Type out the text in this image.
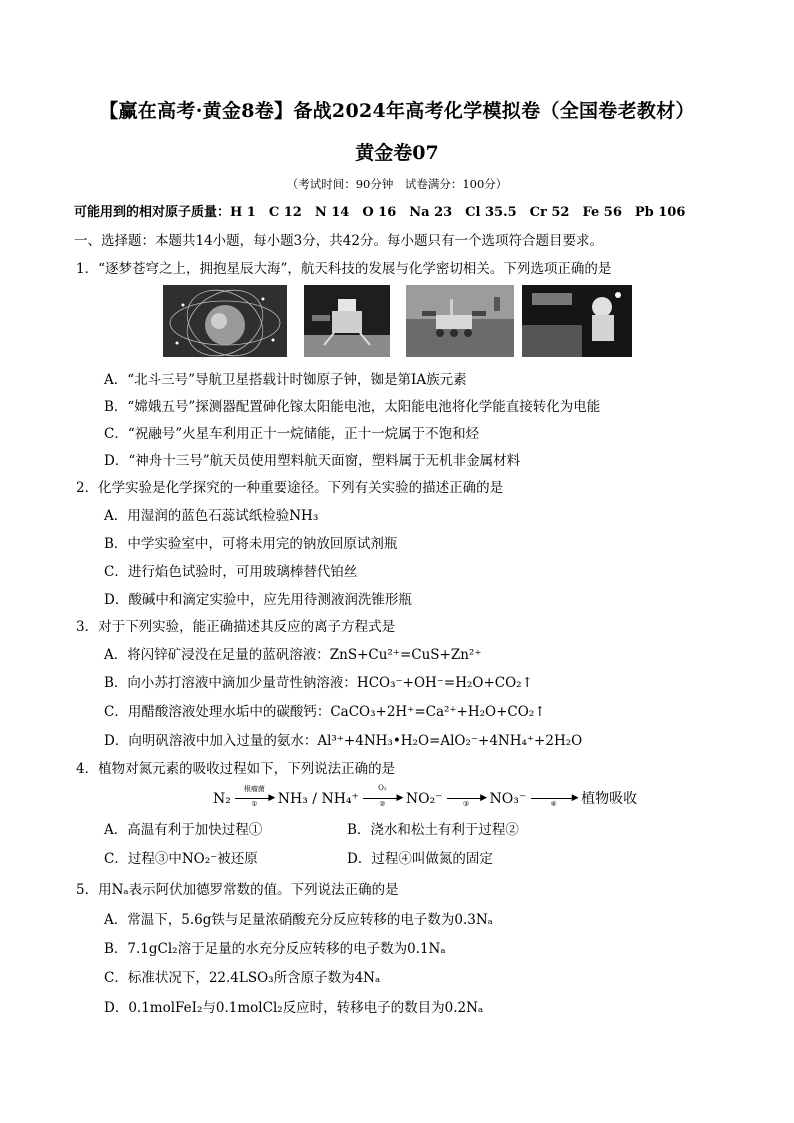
【赢在高考·黄金8卷】备战2024年高考化学模拟卷（全国卷老教材）
黄金卷07
（考试时间：90分钟　试卷满分：100分）
可能用到的相对原子质量：H 1　C 12　N 14　O 16　Na 23　Cl 35.5　Cr 52　Fe 56　Pb 106
一、选择题：本题共14小题，每小题3分，共42分。每小题只有一个选项符合题目要求。
1．“逐梦苍穹之上，拥抱星辰大海”，航天科技的发展与化学密切相关。下列选项正确的是
A．“北斗三号”导航卫星搭载计时铷原子钟，铷是第ⅠA族元素
B．“嫦娥五号”探测器配置砷化镓太阳能电池，太阳能电池将化学能直接转化为电能
C．“祝融号”火星车利用正十一烷储能，正十一烷属于不饱和烃
D．“神舟十三号”航天员使用塑料航天面窗，塑料属于无机非金属材料
2．化学实验是化学探究的一种重要途径。下列有关实验的描述正确的是
A．用湿润的蓝色石蕊试纸检验NH₃
B．中学实验室中，可将未用完的钠放回原试剂瓶
C．进行焰色试验时，可用玻璃棒替代铂丝
D．酸碱中和滴定实验中，应先用待测液润洗锥形瓶
3．对于下列实验，能正确描述其反应的离子方程式是
A．将闪锌矿浸没在足量的蓝矾溶液：ZnS+Cu²⁺=CuS+Zn²⁺
B．向小苏打溶液中滴加少量苛性钠溶液：HCO₃⁻+OH⁻=H₂O+CO₂↑
C．用醋酸溶液处理水垢中的碳酸钙：CaCO₃+2H⁺=Ca²⁺+H₂O+CO₂↑
D．向明矾溶液中加入过量的氨水：Al³⁺+4NH₃•H₂O=AlO₂⁻+4NH₄⁺+2H₂O
4．植物对氮元素的吸收过程如下，下列说法正确的是
N₂
根瘤菌
▶
①	NH₃ / NH₄⁺
O₂
▶
②	NO₂⁻	▶
③	NO₃⁻	▶
④	植物吸收
A．高温有利于加快过程①	B．浇水和松土有利于过程②
C．过程③中NO₂⁻被还原	D．过程④叫做氮的固定
5．用Nₐ表示阿伏加德罗常数的值。下列说法正确的是
A．常温下，5.6g铁与足量浓硝酸充分反应转移的电子数为0.3Nₐ
B．7.1gCl₂溶于足量的水充分反应转移的电子数为0.1Nₐ
C．标准状况下，22.4LSO₃所含原子数为4Nₐ
D．0.1molFeI₂与0.1molCl₂反应时，转移电子的数目为0.2Nₐ
